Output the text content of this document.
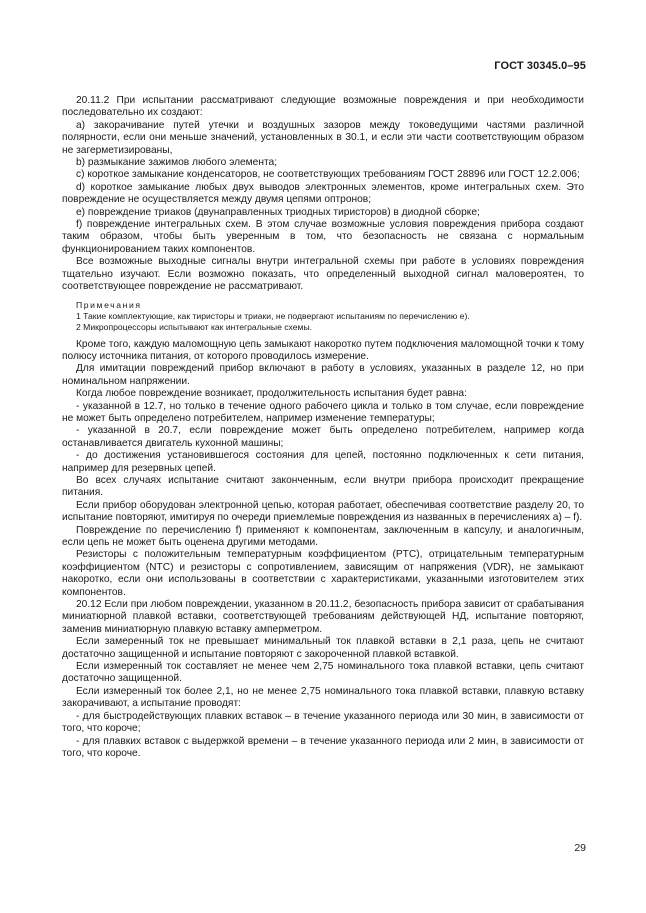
ГОСТ 30345.0–95

20.11.2 При испытании рассматривают следующие возможные повреждения и при необходимости последовательно их создают:

a) закорачивание путей утечки и воздушных зазоров между токоведущими частями различной полярности, если они меньше значений, установленных в 30.1, и если эти части соответствующим образом не загерметизированы,

b) размыкание зажимов любого элемента;

c) короткое замыкание конденсаторов, не соответствующих требованиям ГОСТ 28896 или ГОСТ 12.2.006;

d) короткое замыкание любых двух выводов электронных элементов, кроме интегральных схем. Это повреждение не осуществляется между двумя цепями оптронов;

e) повреждение триаков (двунаправленных триодных тиристоров) в диодной сборке;

f) повреждение интегральных схем. В этом случае возможные условия повреждения прибора создают таким образом, чтобы быть уверенным в том, что безопасность не связана с нормальным функционированием таких компонентов.

Все возможные выходные сигналы внутри интегральной схемы при работе в условиях повреждения тщательно изучают. Если возможно показать, что определенный выходной сигнал маловероятен, то соответствующее повреждение не рассматривают.

Примечания

1 Такие комплектующие, как тиристоры и триаки, не подвергают испытаниям по перечислению е).

2 Микропроцессоры испытывают как интегральные схемы.

Кроме того, каждую маломощную цепь замыкают накоротко путем подключения маломощной точки к тому полюсу источника питания, от которого проводилось измерение.

Для имитации повреждений прибор включают в работу в условиях, указанных в разделе 12, но при номинальном напряжении.

Когда любое повреждение возникает, продолжительность испытания будет равна:

- указанной в 12.7, но только в течение одного рабочего цикла и только в том случае, если повреждение не может быть определено потребителем, например изменение температуры;

- указанной в 20.7, если повреждение может быть определено потребителем, например когда останавливается двигатель кухонной машины;

- до достижения установившегося состояния для цепей, постоянно подключенных к сети питания, например для резервных цепей.

Во всех случаях испытание считают законченным, если внутри прибора происходит прекращение питания.

Если прибор оборудован электронной цепью, которая работает, обеспечивая соответствие разделу 20, то испытание повторяют, имитируя по очереди приемлемые повреждения из названных в перечислениях а) – f).

Повреждение по перечислению f) применяют к компонентам, заключенным в капсулу, и аналогичным, если цепь не может быть оценена другими методами.

Резисторы с положительным температурным коэффициентом (PTC), отрицательным температурным коэффициентом (NTC) и резисторы с сопротивлением, зависящим от напряжения (VDR), не замыкают накоротко, если они использованы в соответствии с характеристиками, указанными изготовителем этих компонентов.

20.12 Если при любом повреждении, указанном в 20.11.2, безопасность прибора зависит от срабатывания миниатюрной плавкой вставки, соответствующей требованиям действующей НД, испытание повторяют, заменив миниатюрную плавкую вставку амперметром.

Если замеренный ток не превышает минимальный ток плавкой вставки в 2,1 раза, цепь не считают достаточно защищенной и испытание повторяют с закороченной плавкой вставкой.

Если измеренный ток составляет не менее чем 2,75 номинального тока плавкой вставки, цепь считают достаточно защищенной.

Если измеренный ток более 2,1, но не менее 2,75 номинального тока плавкой вставки, плавкую вставку закорачивают, а испытание проводят:

- для быстродействующих плавких вставок – в течение указанного периода или 30 мин, в зависимости от того, что короче;

- для плавких вставок с выдержкой времени – в течение указанного периода или 2 мин, в зависимости от того, что короче.

29
